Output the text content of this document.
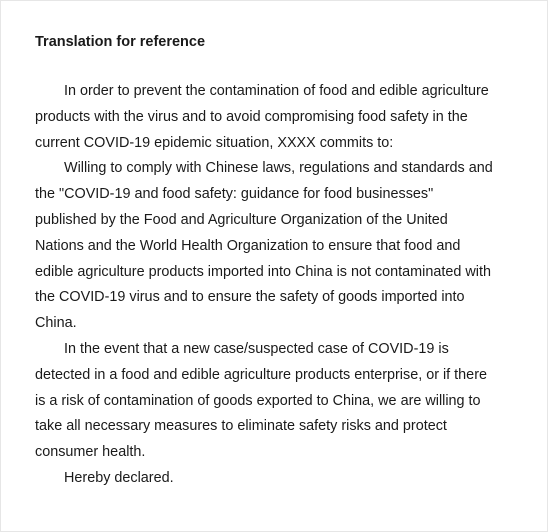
Translation for reference
In order to prevent the contamination of food and edible agriculture
products with the virus and to avoid compromising food safety in the
current COVID-19 epidemic situation, XXXX commits to:
Willing to comply with Chinese laws, regulations and standards and
the "COVID-19 and food safety: guidance for food businesses"
published by the Food and Agriculture Organization of the United
Nations and the World Health Organization to ensure that food and
edible agriculture products imported into China is not contaminated with
the COVID-19 virus and to ensure the safety of goods imported into
China.
In the event that a new case/suspected case of COVID-19 is
detected in a food and edible agriculture products enterprise, or if there
is a risk of contamination of goods exported to China, we are willing to
take all necessary measures to eliminate safety risks and protect
consumer health.
Hereby declared.
